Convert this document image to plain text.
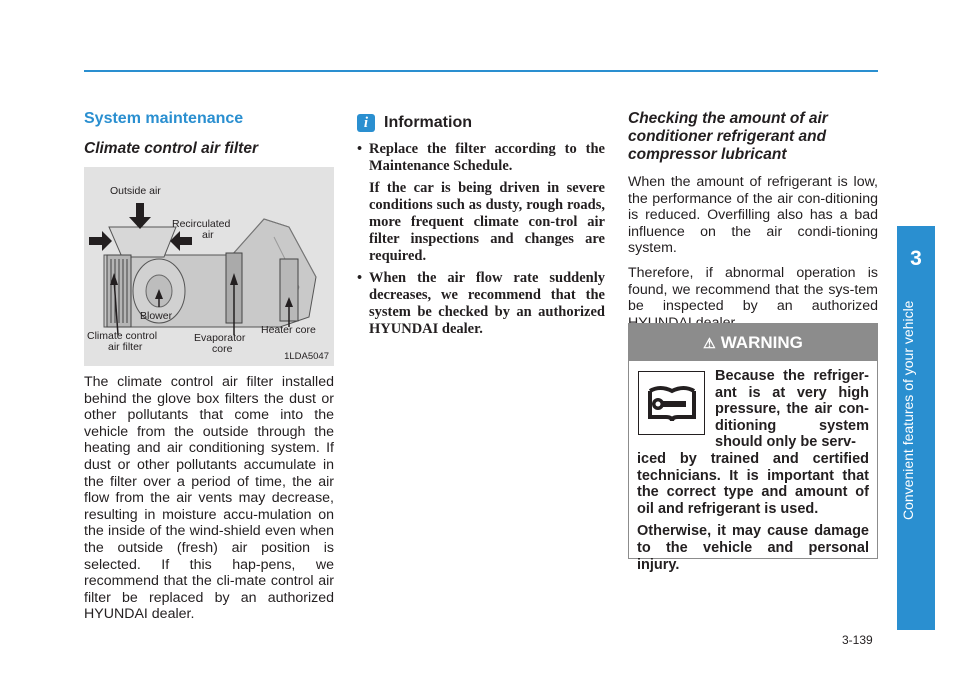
3
Convenient features of your vehicle
System maintenance
Climate control air filter
Outside air
Recirculated
air
Blower
Climate control
air filter
Evaporator
core
Heater core
1LDA5047
The climate control air filter installed behind the glove box filters the dust or other pollutants that come into the vehicle from the outside through the heating and air conditioning system. If dust or other pollutants accumulate in the filter over a period of time, the air flow from the air vents may decrease, resulting in moisture accu-mulation on the inside of the wind-shield even when the outside (fresh) air position is selected. If this hap-pens, we recommend that the cli-mate control air filter be replaced by an authorized HYUNDAI dealer.
i Information
• Replace the filter according to the Maintenance Schedule.

If the car is being driven in severe conditions such as dusty, rough roads, more frequent climate con-trol air filter inspections and changes are required.

• When the air flow rate suddenly decreases, we recommend that the system be checked by an authorized HYUNDAI dealer.

Checking the amount of air conditioner refrigerant and compressor lubricant
When the amount of refrigerant is low, the performance of the air con-ditioning is reduced. Overfilling also has a bad influence on the air condi-tioning system.
Therefore, if abnormal operation is found, we recommend that the sys-tem be inspected by an authorized
⚠ WARNING

Because the refriger-ant is at very high pressure, the air con-ditioning system should only be serv-
iced by trained and certified technicians. It is important that the correct type and amount of oil and refrigerant is used.

Otherwise, it may cause damage to the vehicle and personal injury.

3-139
